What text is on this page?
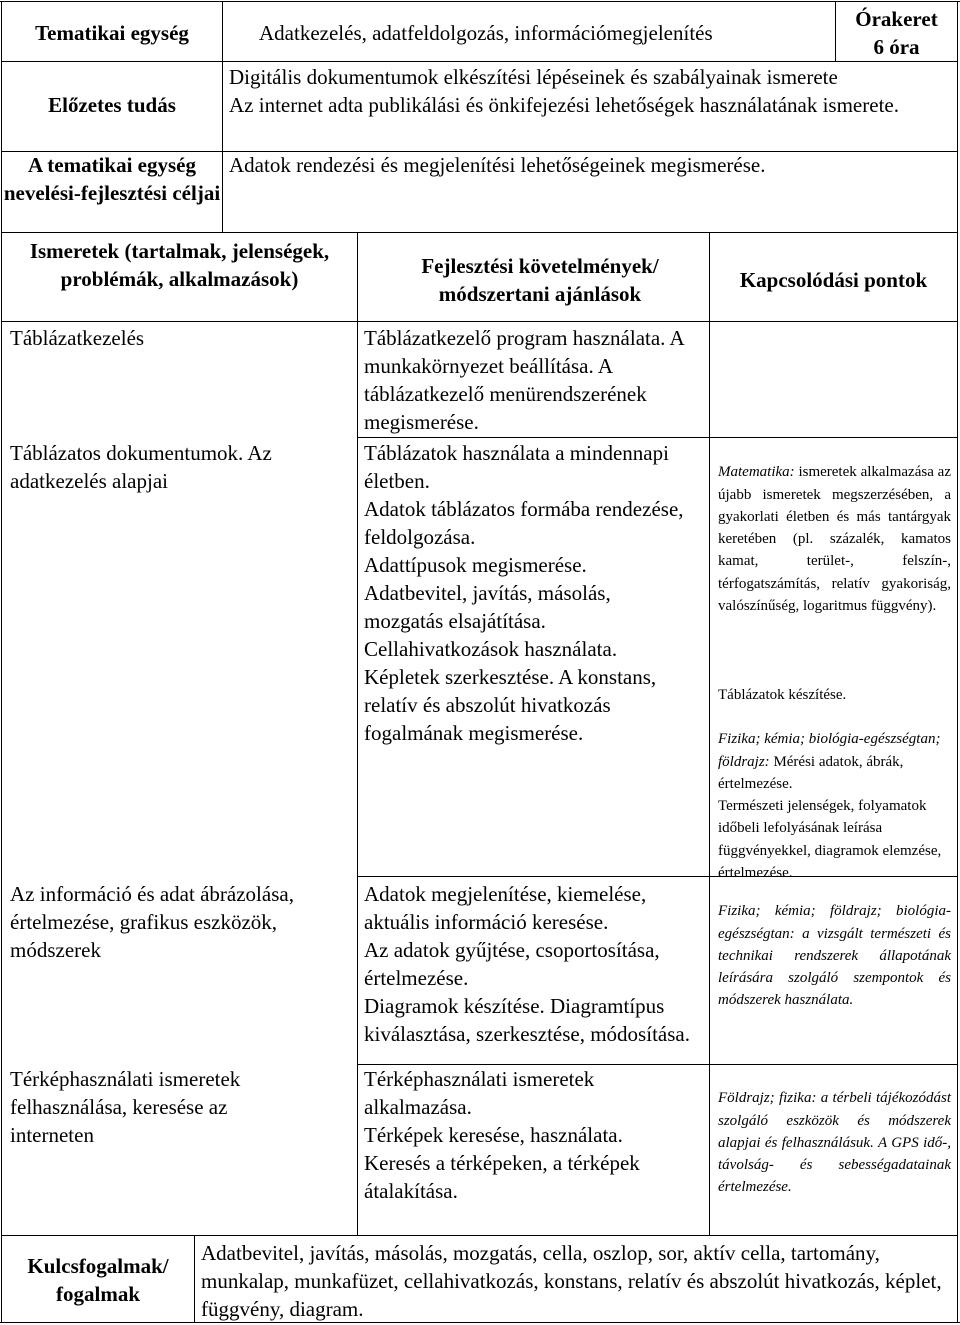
Tematikai egység	Adatkezelés, adatfeldolgozás, információmegjelenítés
Órakeret
6 óra
Előzetes tudás
Digitális dokumentumok elkészítési lépéseinek és szabályainak ismerete
Az internet adta publikálási és önkifejezési lehetőségek használatának ismerete.
A tematikai egység nevelési-fejlesztési céljai
Adatok rendezési és megjelenítési lehetőségeinek megismerése.
Ismeretek (tartalmak, jelenségek, problémák, alkalmazások)
Fejlesztési követelmények/ módszertani ajánlások
Kapcsolódási pontok
Táblázatkezelés	Táblázatkezelő program használata. A munkakörnyezet beállítása. A táblázatkezelő menürendszerének megismerése.
Táblázatos dokumentumok. Az adatkezelés alapjai
Táblázatok használata a mindennapi életben.
Adatok táblázatos formába rendezése, feldolgozása.
Adattípusok megismerése.
Adatbevitel, javítás, másolás, mozgatás elsajátítása.
Cellahivatkozások használata.
Képletek szerkesztése. A konstans, relatív és abszolút hivatkozás fogalmának megismerése.

Matematika: ismeretek alkalmazása az újabb ismeretek megszerzésében, a gyakorlati életben és más tantárgyak keretében (pl. százalék, kamatos kamat, terület-, felszín-, térfogatszámítás, relatív gyakoriság, valószínűség, logaritmus függvény).

Táblázatok készítése.

Fizika; kémia; biológia-egészségtan; földrajz: Mérési adatok, ábrák, értelmezése.
Természeti jelenségek, folyamatok időbeli lefolyásának leírása függvényekkel, diagramok elemzése, értelmezése.

Az információ és adat ábrázolása, értelmezése, grafikus eszközök, módszerek
Adatok megjelenítése, kiemelése, aktuális információ keresése.
Az adatok gyűjtése, csoportosítása, értelmezése.
Diagramok készítése. Diagramtípus kiválasztása, szerkesztése, módosítása.

Fizika; kémia; földrajz; biológia-egészségtan: a vizsgált természeti és technikai rendszerek állapotának leírására szolgáló szempontok és módszerek használata.

Térképhasználati ismeretek felhasználása, keresése az interneten
Térképhasználati ismeretek alkalmazása.
Térképek keresése, használata.
Keresés a térképeken, a térképek átalakítása.

Földrajz; fizika: a térbeli tájékozódást szolgáló eszközök és módszerek alapjai és felhasználásuk. A GPS idő-, távolság- és sebességadatainak értelmezése.

Kulcsfogalmak/ fogalmak
Adatbevitel, javítás, másolás, mozgatás, cella, oszlop, sor, aktív cella, tartomány, munkalap, munkafüzet, cellahivatkozás, konstans, relatív és abszolút hivatkozás, képlet, függvény, diagram.
